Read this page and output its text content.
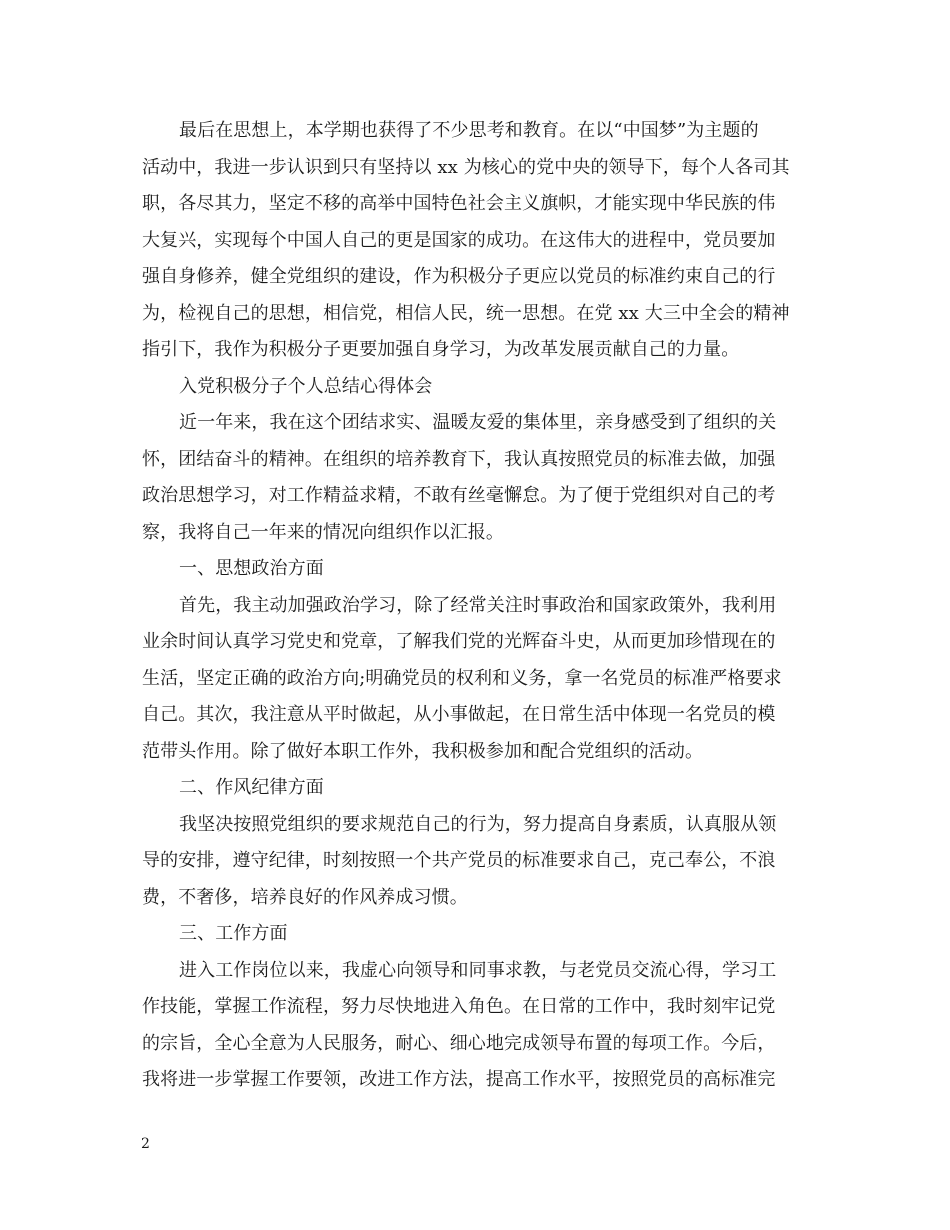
最后在思想上，本学期也获得了不少思考和教育。在以“中国梦”为主题的
活动中，我进一步认识到只有坚持以 xx 为核心的党中央的领导下，每个人各司其
职，各尽其力，坚定不移的高举中国特色社会主义旗帜，才能实现中华民族的伟
大复兴，实现每个中国人自己的更是国家的成功。在这伟大的进程中，党员要加
强自身修养，健全党组织的建设，作为积极分子更应以党员的标准约束自己的行
为，检视自己的思想，相信党，相信人民，统一思想。在党 xx 大三中全会的精神
指引下，我作为积极分子更要加强自身学习，为改革发展贡献自己的力量。
入党积极分子个人总结心得体会
近一年来，我在这个团结求实、温暖友爱的集体里，亲身感受到了组织的关
怀，团结奋斗的精神。在组织的培养教育下，我认真按照党员的标准去做，加强
政治思想学习，对工作精益求精，不敢有丝毫懈怠。为了便于党组织对自己的考
察，我将自己一年来的情况向组织作以汇报。
一、思想政治方面
首先，我主动加强政治学习，除了经常关注时事政治和国家政策外，我利用
业余时间认真学习党史和党章，了解我们党的光辉奋斗史，从而更加珍惜现在的
生活，坚定正确的政治方向;明确党员的权利和义务，拿一名党员的标准严格要求
自己。其次，我注意从平时做起，从小事做起，在日常生活中体现一名党员的模
范带头作用。除了做好本职工作外，我积极参加和配合党组织的活动。
二、作风纪律方面
我坚决按照党组织的要求规范自己的行为，努力提高自身素质，认真服从领
导的安排，遵守纪律，时刻按照一个共产党员的标准要求自己，克己奉公，不浪
费，不奢侈，培养良好的作风养成习惯。
三、工作方面
进入工作岗位以来，我虚心向领导和同事求教，与老党员交流心得，学习工
作技能，掌握工作流程，努力尽快地进入角色。在日常的工作中，我时刻牢记党
的宗旨，全心全意为人民服务，耐心、细心地完成领导布置的每项工作。今后，
我将进一步掌握工作要领，改进工作方法，提高工作水平，按照党员的高标准完
2
